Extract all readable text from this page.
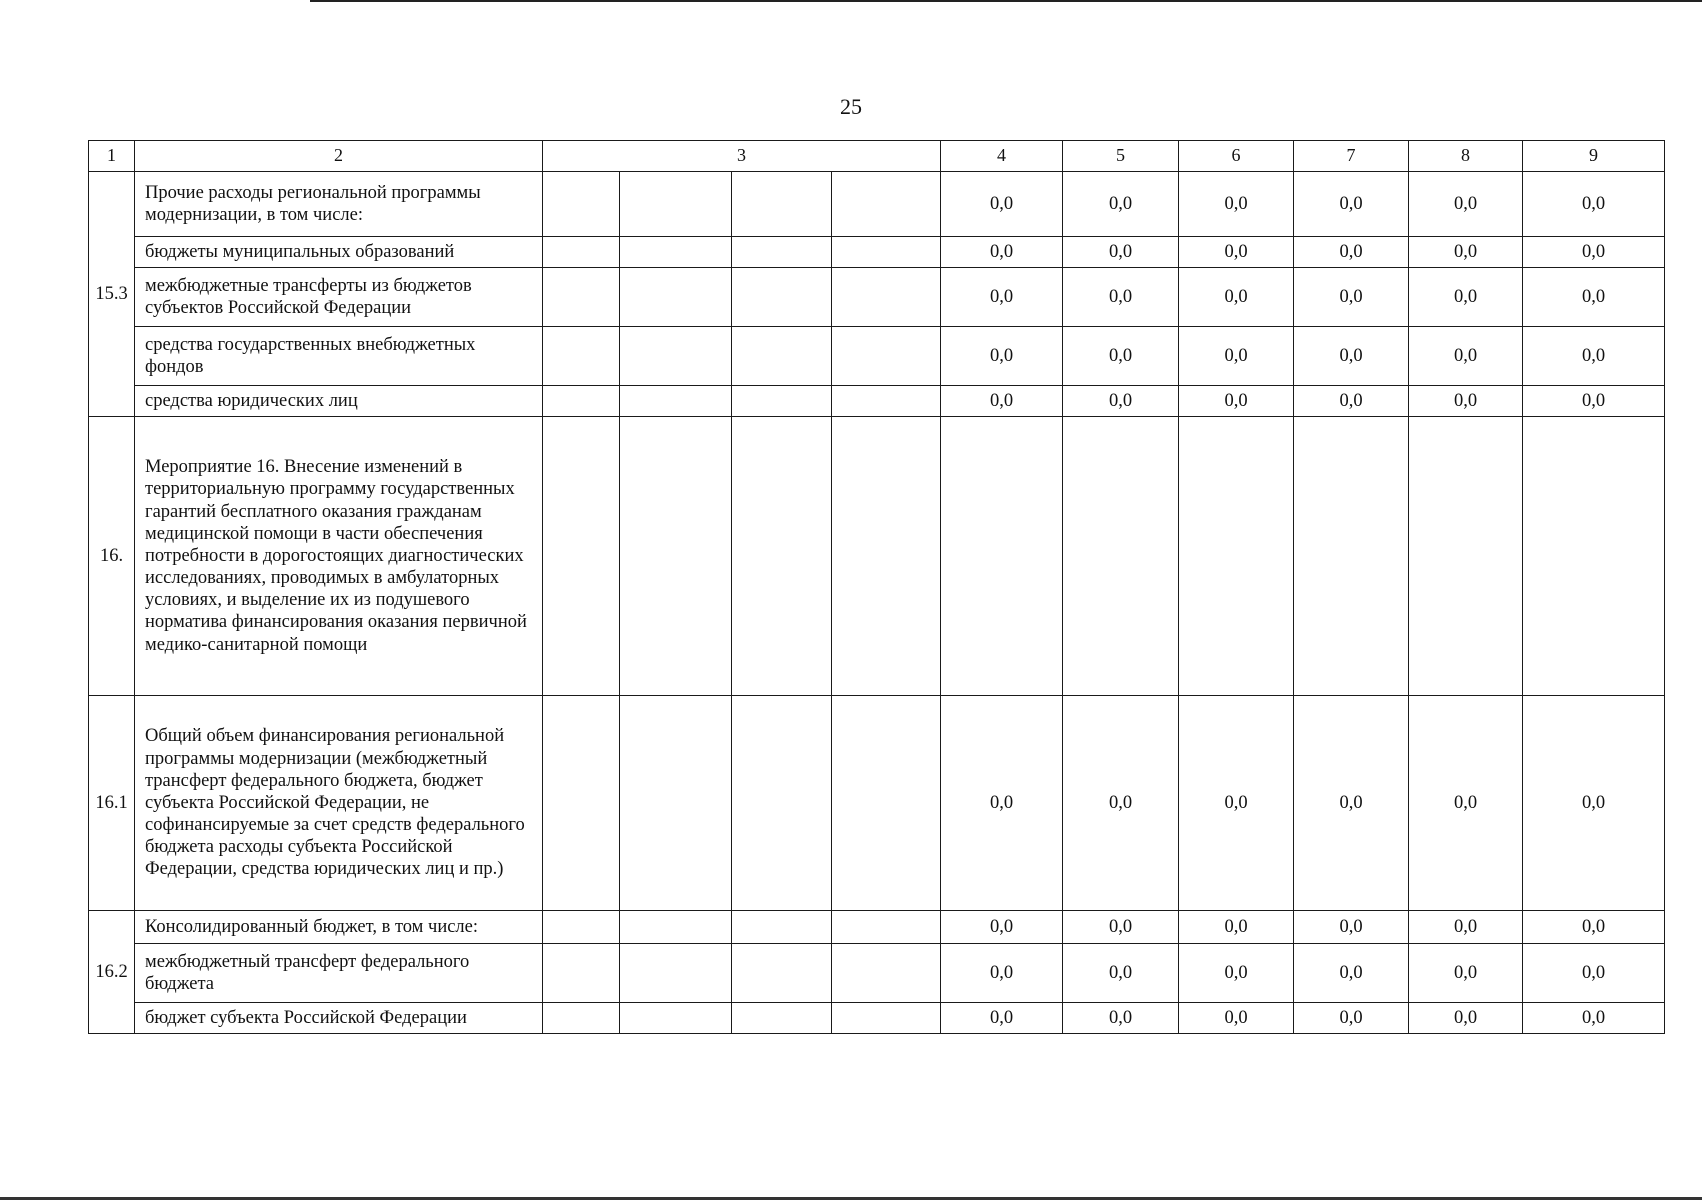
25
1	2	3				4	5	6	7	8	9
15.3	Прочие расходы региональной программы модернизации, в том числе:					0,0	0,0	0,0	0,0	0,0	0,0
	бюджеты муниципальных образований					0,0	0,0	0,0	0,0	0,0	0,0
	межбюджетные трансферты из бюджетов субъектов Российской Федерации					0,0	0,0	0,0	0,0	0,0	0,0
	средства государственных внебюджетных фондов					0,0	0,0	0,0	0,0	0,0	0,0
	средства юридических лиц					0,0	0,0	0,0	0,0	0,0	0,0
16.	Мероприятие 16. Внесение изменений в территориальную программу государственных гарантий бесплатного оказания гражданам медицинской помощи в части обеспечения потребности в дорогостоящих диагностических исследованиях, проводимых в амбулаторных условиях, и выделение их из подушевого норматива финансирования оказания первичной медико-санитарной помощи										
16.1	Общий объем финансирования региональной программы модернизации (межбюджетный трансферт федерального бюджета, бюджет субъекта Российской Федерации, не софинансируемые за счет средств федерального бюджета расходы субъекта Российской Федерации, средства юридических лиц и пр.)					0,0	0,0	0,0	0,0	0,0	0,0
16.2	Консолидированный бюджет, в том числе:					0,0	0,0	0,0	0,0	0,0	0,0
	межбюджетный трансферт федерального бюджета					0,0	0,0	0,0	0,0	0,0	0,0
	бюджет субъекта Российской Федерации					0,0	0,0	0,0	0,0	0,0	0,0
